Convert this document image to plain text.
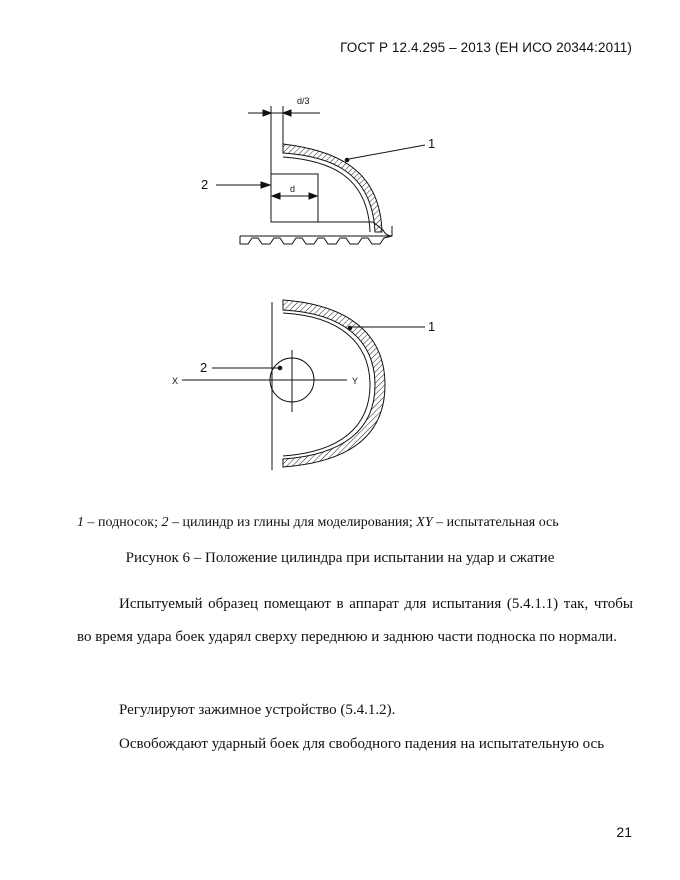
ГОСТ Р 12.4.295 – 2013 (ЕН ИСО 20344:2011)
d/3
d
2
1
X	Y
2
1
1 – подносок; 2 – цилиндр из глины для моделирования; XY – испытательная ось
Рисунок 6 – Положение цилиндра при испытании на удар и сжатие
Испытуемый образец помещают в аппарат для испытания (5.4.1.1) так, чтобы во время удара боек ударял сверху переднюю и заднюю части подноска по нормали.
Регулируют зажимное устройство (5.4.1.2).
Освобождают ударный боек для свободного падения на испытательную ось
21
